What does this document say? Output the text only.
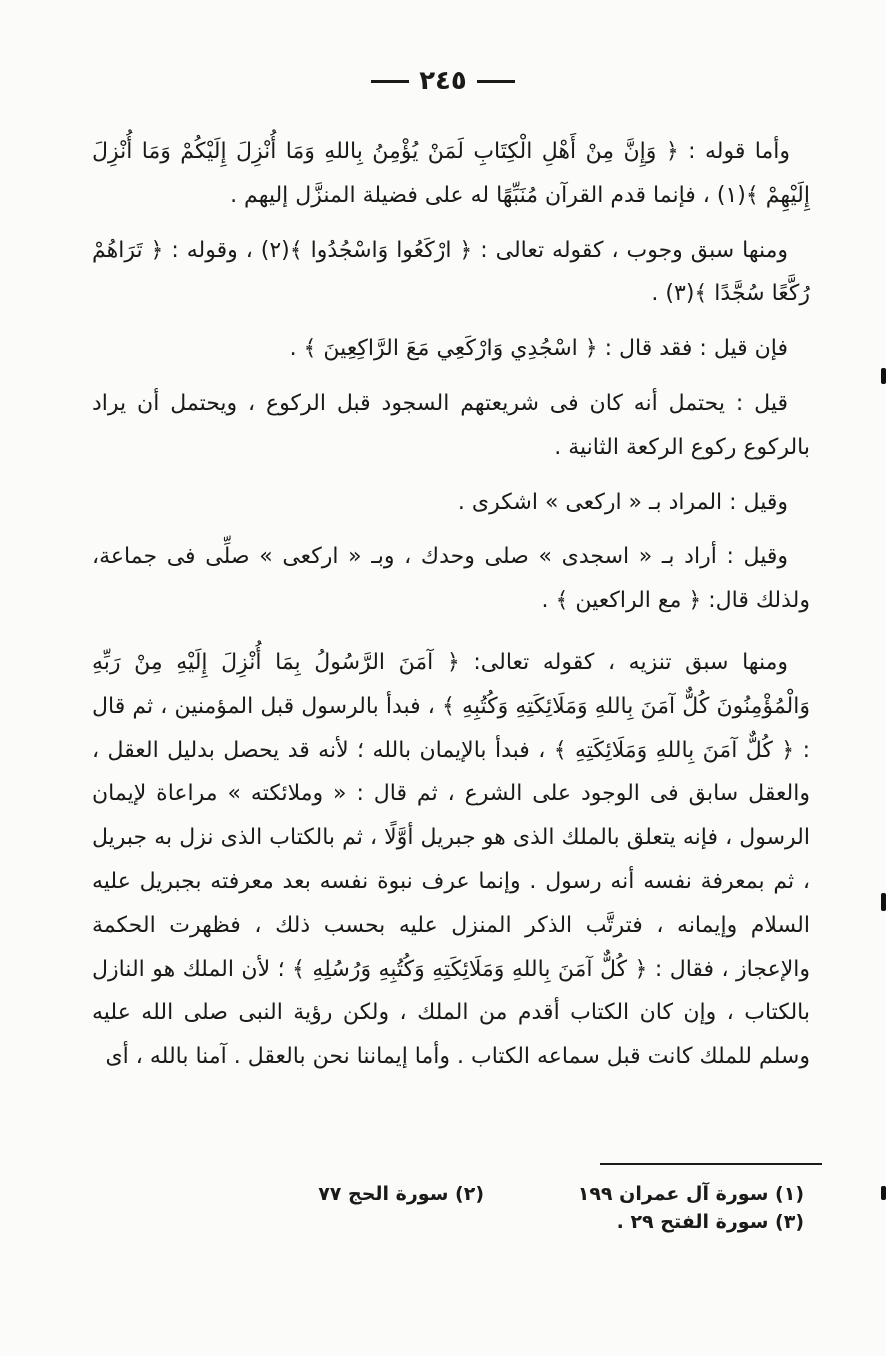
٢٤٥

وأما قوله : ﴿ وَإِنَّ مِنْ أَهْلِ الْكِتَابِ لَمَنْ يُؤْمِنُ بِاللهِ وَمَا أُنْزِلَ إِلَيْكُمْ وَمَا أُنْزِلَ إِلَيْهِمْ ﴾(١) ، فإنما قدم القرآن مُنَبِّهًا له على فضيلة المنزَّل إليهم .

ومنها سبق وجوب ، كقوله تعالى : ﴿ ارْكَعُوا وَاسْجُدُوا ﴾(٢) ، وقوله : ﴿ تَرَاهُمْ رُكَّعًا سُجَّدًا ﴾(٣) .

فإن قيل : فقد قال : ﴿ اسْجُدِي وَارْكَعِي مَعَ الرَّاكِعِينَ ﴾ .

قيل : يحتمل أنه كان فى شريعتهم السجود قبل الركوع ، ويحتمل أن يراد بالركوع ركوع الركعة الثانية .

وقيل : المراد بـ « اركعى » اشكرى .

وقيل : أراد بـ « اسجدى » صلى وحدك ، وبـ « اركعى » صلِّى فى جماعة، ولذلك قال: ﴿ مع الراكعين ﴾ .

ومنها سبق تنزيه ، كقوله تعالى: ﴿ آمَنَ الرَّسُولُ بِمَا أُنْزِلَ إِلَيْهِ مِنْ رَبِّهِ وَالْمُؤْمِنُونَ كُلٌّ آمَنَ بِاللهِ وَمَلَائِكَتِهِ وَكُتُبِهِ ﴾ ، فبدأ بالرسول قبل المؤمنين ، ثم قال : ﴿ كُلٌّ آمَنَ بِاللهِ وَمَلَائِكَتِهِ ﴾ ، فبدأ بالإيمان بالله ؛ لأنه قد يحصل بدليل العقل ، والعقل سابق فى الوجود على الشرع ، ثم قال : « وملائكته » مراعاة لإيمان الرسول ، فإنه يتعلق بالملك الذى هو جبريل أوَّلًا ، ثم بالكتاب الذى نزل به جبريل ، ثم بمعرفة نفسه أنه رسول . وإنما عرف نبوة نفسه بعد معرفته بجبريل عليه السلام وإيمانه ، فترتَّب الذكر المنزل عليه بحسب ذلك ، فظهرت الحكمة والإعجاز ، فقال : ﴿ كُلٌّ آمَنَ بِاللهِ وَمَلَائِكَتِهِ وَكُتُبِهِ وَرُسُلِهِ ﴾ ؛ لأن الملك هو النازل بالكتاب ، وإن كان الكتاب أقدم من الملك ، ولكن رؤية النبى صلى الله عليه وسلم للملك كانت قبل سماعه الكتاب . وأما إيماننا نحن بالعقل . آمنا بالله ، أى

(١) سورة آل عمران ١٩٩
(٢) سورة الحج ٧٧
(٣) سورة الفتح ٢٩ .
